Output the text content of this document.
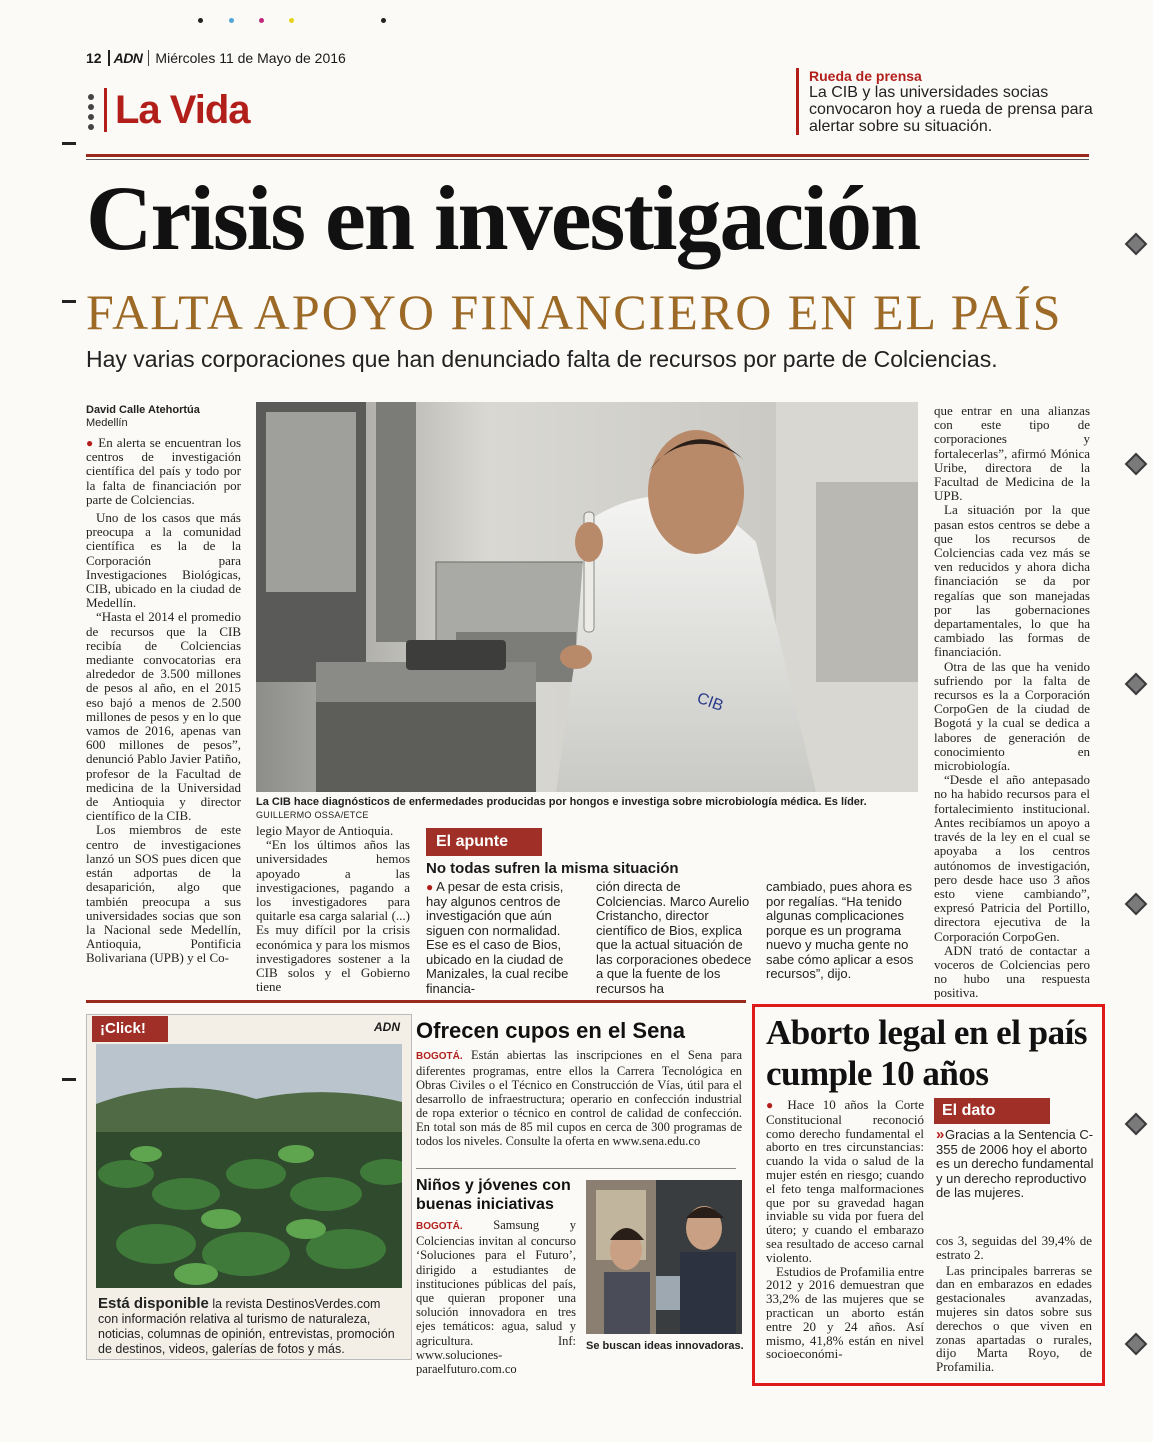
12 ADN Miércoles 11 de Mayo de 2016
La Vida
Rueda de prensa
La CIB y las universidades socias convocaron hoy a rueda de prensa para alertar sobre su situación.
Crisis en investigación
FALTA APOYO FINANCIERO EN EL PAÍS
Hay varias corporaciones que han denunciado falta de recursos por parte de Colciencias.
David Calle Atehortúa
Medellín

● En alerta se encuentran los centros de investigación científica del país y todo por la falta de financiación por parte de Colciencias.

Uno de los casos que más preocupa a la comunidad científica es la de la Corporación para Investigaciones Biológicas, CIB, ubicado en la ciudad de Medellín.

“Hasta el 2014 el promedio de recursos que la CIB recibía de Colciencias mediante convocatorias era alrededor de 3.500 millones de pesos al año, en el 2015 eso bajó a menos de 2.500 millones de pesos y en lo que vamos de 2016, apenas van 600 millones de pesos”, denunció Pablo Javier Patiño, profesor de la Facultad de medicina de la Universidad de Antioquia y director científico de la CIB.

Los miembros de este centro de investigaciones lanzó un SOS pues dicen que están adportas de la desaparición, algo que también preocupa a sus universidades socias que son la Nacional sede Medellín, Antioquia, Pontificia Bolivariana (UPB) y el Co-

CIB
La CIB hace diagnósticos de enfermedades producidas por hongos e investiga sobre microbiología médica. Es líder. GUILLERMO OSSA/ETCE

legio Mayor de Antioquia.

“En los últimos años las universidades hemos apoyado a las investigaciones, pagando a los investigadores para quitarle esa carga salarial (...) Es muy difícil por la crisis económica y para los mismos investigadores sostener a la CIB solos y el Gobierno tiene

que entrar en una alianzas con este tipo de corporaciones y fortalecerlas”, afirmó Mónica Uribe, directora de la Facultad de Medicina de la UPB.

La situación por la que pasan estos centros se debe a que los recursos de Colciencias cada vez más se ven reducidos y ahora dicha financiación se da por regalías que son manejadas por las gobernaciones departamentales, lo que ha cambiado las formas de financiación.

Otra de las que ha venido sufriendo por la falta de recursos es la a Corporación CorpoGen de la ciudad de Bogotá y la cual se dedica a labores de generación de conocimiento en microbiología.

“Desde el año antepasado no ha habido recursos para el fortalecimiento institucional. Antes recibíamos un apoyo a través de la ley en el cual se apoyaba a los centros autónomos de investigación, pero desde hace uso 3 años esto viene cambiando”, expresó Patricia del Portillo, directora ejecutiva de la Corporación CorpoGen.

ADN trató de contactar a voceros de Colciencias pero no hubo una respuesta positiva.

El apunte
No todas sufren la misma situación
● A pesar de esta crisis, hay algunos centros de investigación que aún siguen con normalidad. Ese es el caso de Bios, ubicado en la ciudad de Manizales, la cual recibe financia-
ción directa de Colciencias. Marco Aurelio Cristancho, director científico de Bios, explica que la actual situación de las corporaciones obedece a que la fuente de los recursos ha
cambiado, pues ahora es por regalías. “Ha tenido algunas complicaciones porque es un programa nuevo y mucha gente no sabe cómo aplicar a esos recursos”, dijo.
¡Click!	ADN
Está disponible la revista DestinosVerdes.com con información relativa al turismo de naturaleza, noticias, columnas de opinión, entrevistas, promoción de destinos, videos, galerías de fotos y más.
Ofrecen cupos en el Sena
BOGOTÁ. Están abiertas las inscripciones en el Sena para diferentes programas, entre ellos la Carrera Tecnológica en Obras Civiles o el Técnico en Construcción de Vías, útil para el desarrollo de infraestructura; operario en confección industrial de ropa exterior o técnico en control de calidad de confección. En total son más de 85 mil cupos en cerca de 300 programas de todos los niveles. Consulte la oferta en www.sena.edu.co
Niños y jóvenes con buenas iniciativas
BOGOTÁ. Samsung y Colciencias invitan al concurso ‘Soluciones para el Futuro’, dirigido a estudiantes de instituciones públicas del país, que quieran proponer una solución innovadora en tres ejes temáticos: agua, salud y agricultura. Inf: www.soluciones-paraelfuturo.com.co
Se buscan ideas innovadoras.
Aborto legal en el país cumple 10 años

● Hace 10 años la Corte Constitucional reconoció como derecho fundamental el aborto en tres circunstancias: cuando la vida o salud de la mujer estén en riesgo; cuando el feto tenga malformaciones que por su gravedad hagan inviable su vida por fuera del útero; y cuando el embarazo sea resultado de acceso carnal violento.

Estudios de Profamilia entre 2012 y 2016 demuestran que 33,2% de las mujeres que se practican un aborto están entre 20 y 24 años. Así mismo, 41,8% están en nivel socioeconómi-

El dato
» Gracias a la Sentencia C-355 de 2006 hoy el aborto es un derecho fundamental y un derecho reproductivo de las mujeres.

cos 3, seguidas del 39,4% de estrato 2.

Las principales barreras se dan en embarazos en edades gestacionales avanzadas, mujeres sin datos sobre sus derechos o que viven en zonas apartadas o rurales, dijo Marta Royo, de Profamilia.
